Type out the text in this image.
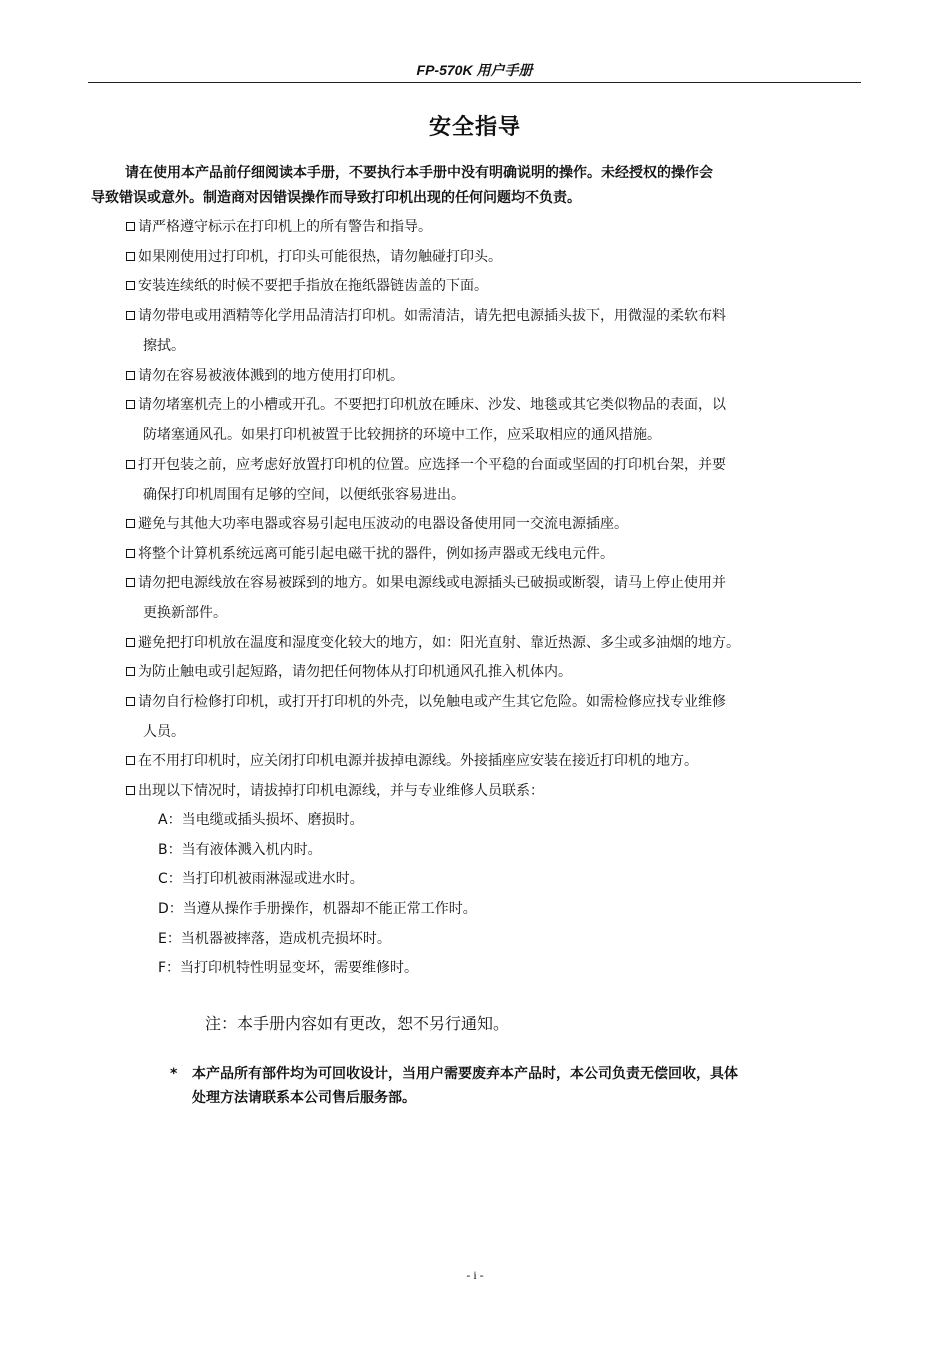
FP-570K 用户手册
安全指导
请在使用本产品前仔细阅读本手册，不要执行本手册中没有明确说明的操作。未经授权的操作会
导致错误或意外。制造商对因错误操作而导致打印机出现的任何问题均不负责。
请严格遵守标示在打印机上的所有警告和指导。
如果刚使用过打印机，打印头可能很热，请勿触碰打印头。
安装连续纸的时候不要把手指放在拖纸器链齿盖的下面。
请勿带电或用酒精等化学用品清洁打印机。如需清洁，请先把电源插头拔下，用微湿的柔软布料
擦拭。
请勿在容易被液体溅到的地方使用打印机。
请勿堵塞机壳上的小槽或开孔。不要把打印机放在睡床、沙发、地毯或其它类似物品的表面，以
防堵塞通风孔。如果打印机被置于比较拥挤的环境中工作，应采取相应的通风措施。
打开包装之前，应考虑好放置打印机的位置。应选择一个平稳的台面或坚固的打印机台架，并要
确保打印机周围有足够的空间，以便纸张容易进出。
避免与其他大功率电器或容易引起电压波动的电器设备使用同一交流电源插座。
将整个计算机系统远离可能引起电磁干扰的器件，例如扬声器或无线电元件。
请勿把电源线放在容易被踩到的地方。如果电源线或电源插头已破损或断裂，请马上停止使用并
更换新部件。
避免把打印机放在温度和湿度变化较大的地方，如：阳光直射、靠近热源、多尘或多油烟的地方。
为防止触电或引起短路，请勿把任何物体从打印机通风孔推入机体内。
请勿自行检修打印机，或打开打印机的外壳，以免触电或产生其它危险。如需检修应找专业维修
人员。
在不用打印机时，应关闭打印机电源并拔掉电源线。外接插座应安装在接近打印机的地方。
出现以下情况时，请拔掉打印机电源线，并与专业维修人员联系：
A：当电缆或插头损坏、磨损时。
B：当有液体溅入机内时。
C：当打印机被雨淋湿或进水时。
D：当遵从操作手册操作，机器却不能正常工作时。
E：当机器被摔落，造成机壳损坏时。
F：当打印机特性明显变坏，需要维修时。
注：本手册内容如有更改，恕不另行通知。
* 本产品所有部件均为可回收设计，当用户需要废弃本产品时，本公司负责无偿回收，具体
处理方法请联系本公司售后服务部。
- i -
